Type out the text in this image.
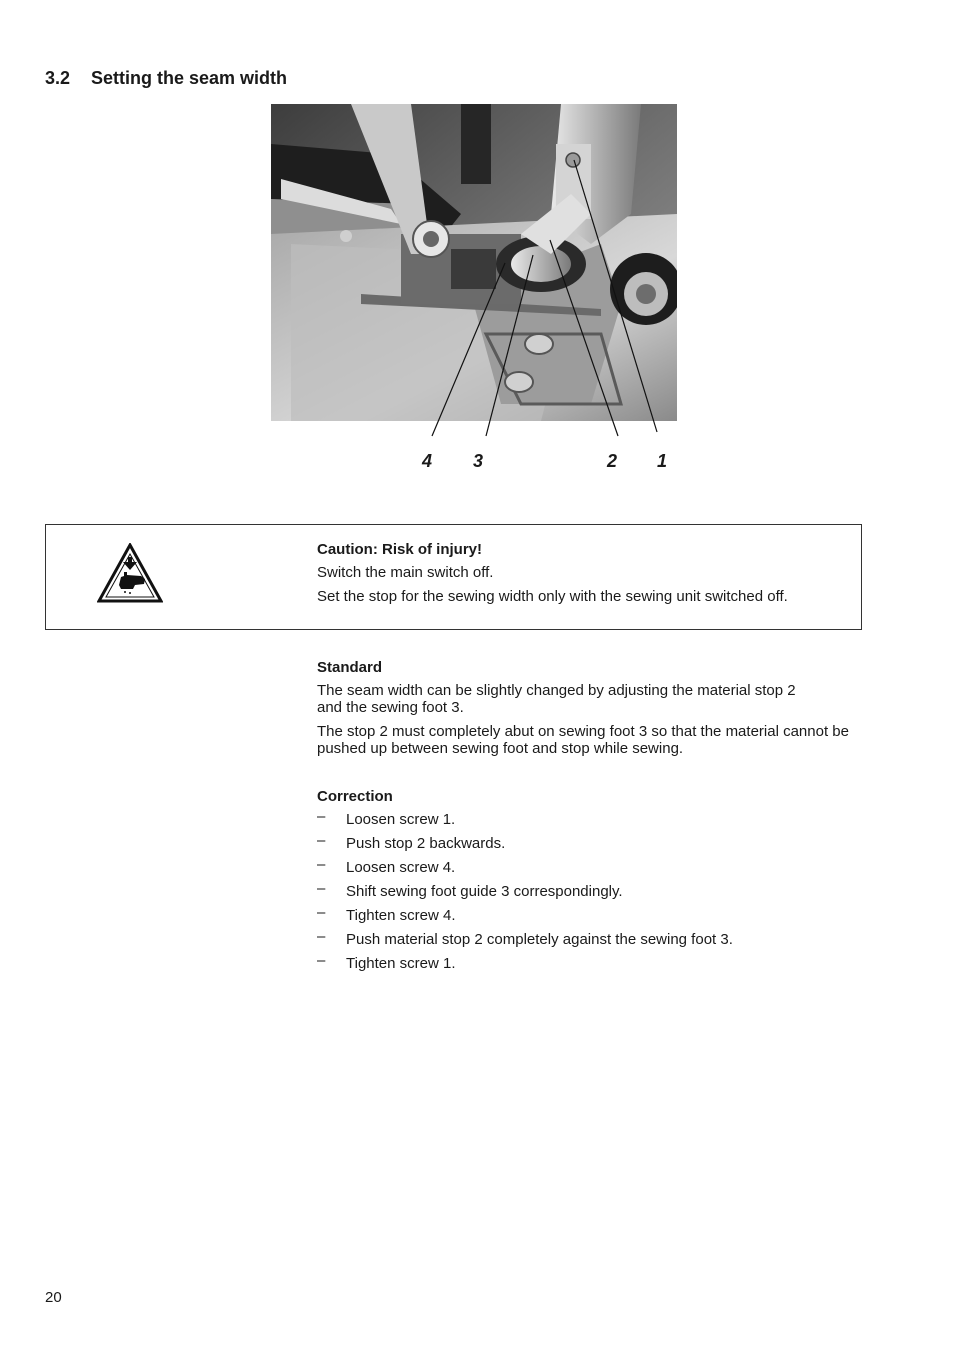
3.2 Setting the seam width
4 3	2 1
Caution: Risk of injury!
Switch the main switch off.
Set the stop for the sewing width only with the sewing unit switched off.
Standard

The seam width can be slightly changed by adjusting the material stop 2 and the sewing foot 3.

The stop 2 must completely abut on sewing foot 3 so that the material cannot be pushed up between sewing foot and stop while sewing.

Correction
– Loosen screw 1.
– Push stop 2 backwards.
– Loosen screw 4.
– Shift sewing foot guide 3 correspondingly.
– Tighten screw 4.
– Push material stop 2 completely against the sewing foot 3.
– Tighten screw 1.
20
